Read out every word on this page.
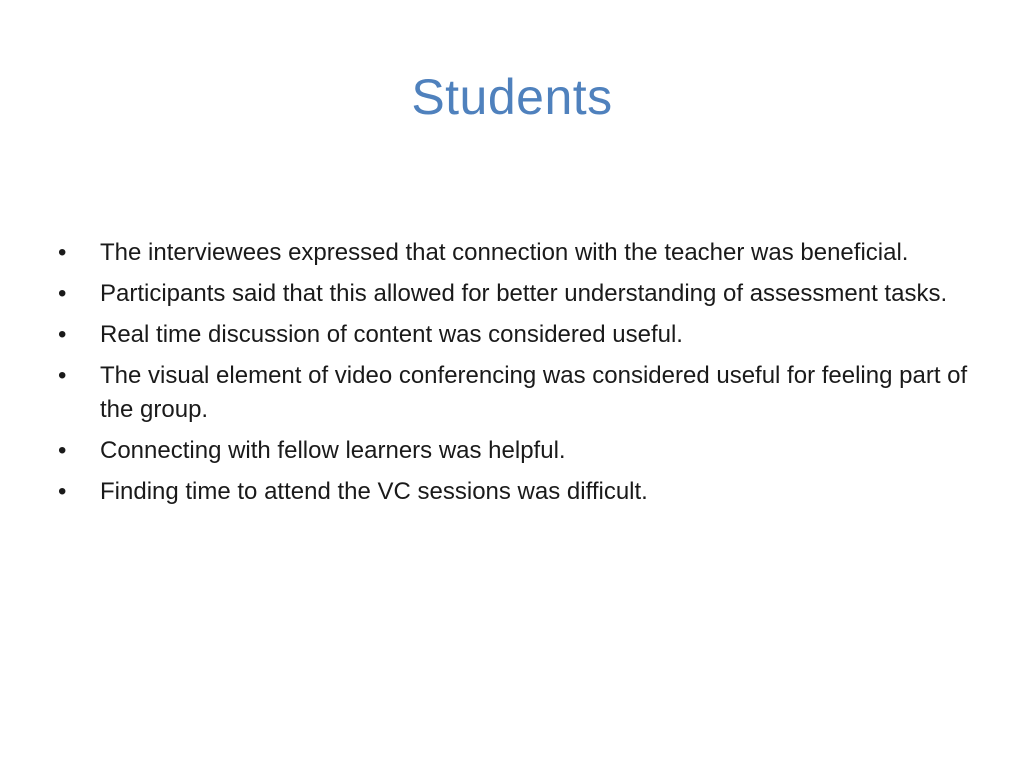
Students
•	The interviewees expressed that connection with the teacher was beneficial.
•	Participants said that this allowed for better understanding of assessment tasks.
•	Real time discussion of content was considered useful.
•	The visual element of video conferencing was considered useful for feeling part of the group.
•	Connecting with fellow learners was helpful.
•	Finding time to attend the VC sessions was difficult.
